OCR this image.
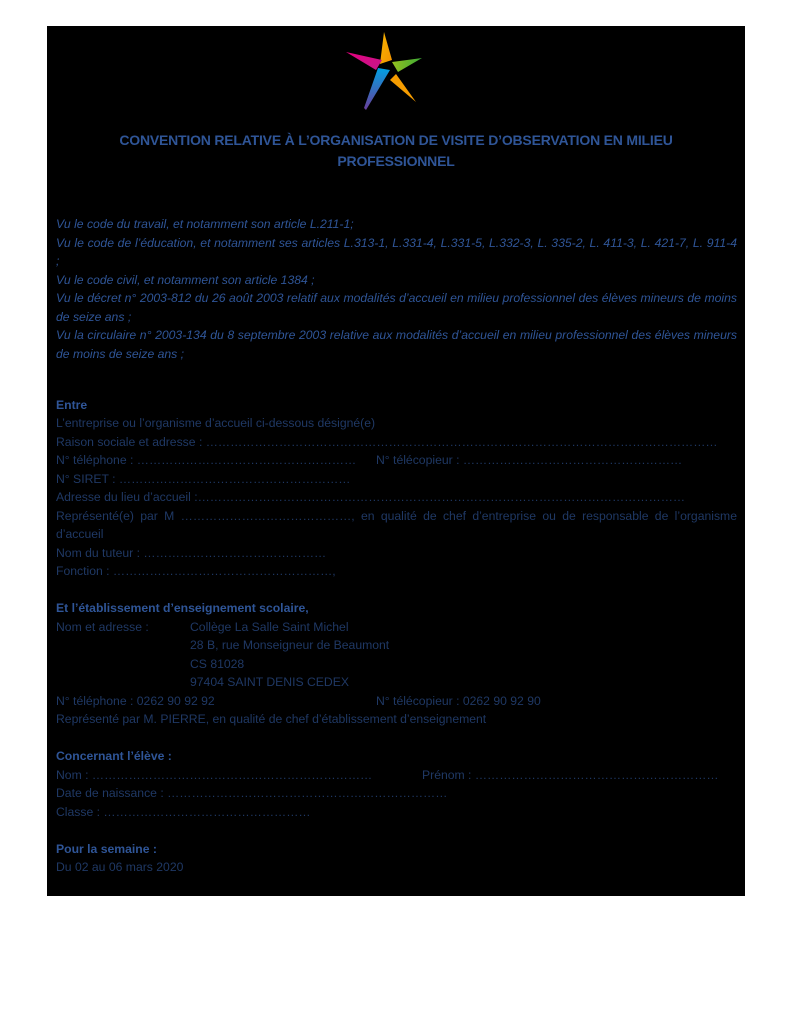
CONVENTION RELATIVE À L’ORGANISATION DE VISITE D’OBSERVATION EN MILIEU
PROFESSIONNEL

Vu le code du travail, et notamment son article L.211-1;

Vu le code de l’éducation, et notamment ses articles L.313-1, L.331-4, L.331-5, L.332-3, L. 335-2, L. 411-3, L. 421-7, L. 911-4 ;

Vu le code civil, et notamment son article 1384 ;

Vu le décret n° 2003-812 du 26 août 2003 relatif aux modalités d’accueil en milieu professionnel des élèves mineurs de moins de seize ans ;

Vu la circulaire n° 2003-134 du 8 septembre 2003 relative aux modalités d’accueil en milieu professionnel des élèves mineurs de moins de seize ans ;

Entre

L’entreprise ou l’organisme d’accueil ci-dessous désigné(e)

Raison sociale et adresse : ………………………………………………………………………………………………………………

N° téléphone : ……………………………………………… N° télécopieur : ………………………………………………

N° SIRET : …………………………………………………

Adresse du lieu d’accueil :…………………………………………………………………………………………………………

Représenté(e) par M ……………………………………, en qualité de chef d’entreprise ou de responsable de l’organisme d’accueil

Nom du tuteur : ………………………………………

Fonction : ………………………………………………,

Et l’établissement d’enseignement scolaire,

Nom et adresse :	Collège La Salle Saint Michel

28 B, rue Monseigneur de Beaumont

CS 81028

97404 SAINT DENIS CEDEX

N° téléphone : 0262 90 92 92	N° télécopieur : 0262 90 92 90

Représenté par M. PIERRE, en qualité de chef d’établissement d’enseignement

Concernant l’élève :

Nom : ……………………………………………………………	Prénom : ……………………………………………………

Date de naissance : ……………………………………………………………

Classe : ……………………………………………

Pour la semaine :

Du 02 au 06 mars 2020
